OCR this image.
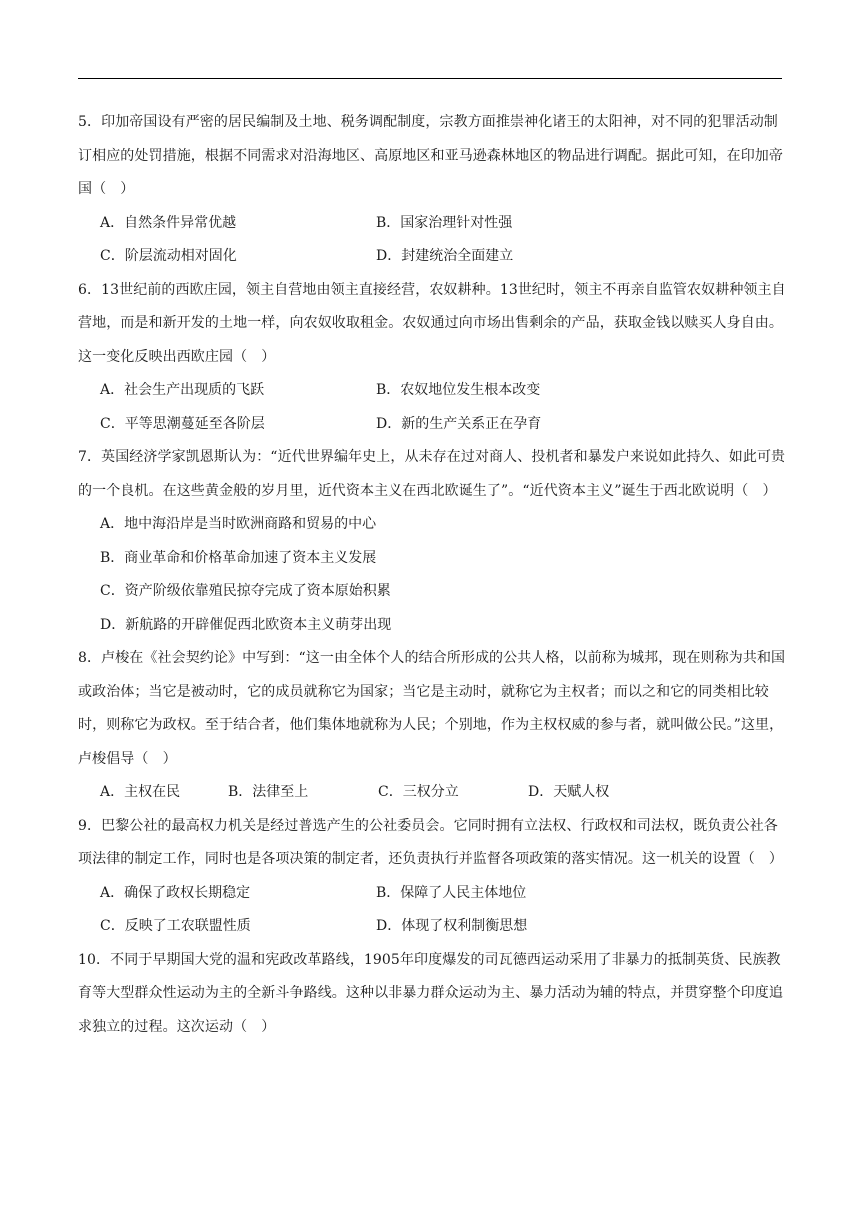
5．印加帝国设有严密的居民编制及土地、税务调配制度，宗教方面推崇神化诸王的太阳神，对不同的犯罪活动制订相应的处罚措施，根据不同需求对沿海地区、高原地区和亚马逊森林地区的物品进行调配。据此可知，在印加帝国（　）

A．自然条件异常优越	B．国家治理针对性强
C．阶层流动相对固化	D．封建统治全面建立

6．13世纪前的西欧庄园，领主自营地由领主直接经营，农奴耕种。13世纪时，领主不再亲自监管农奴耕种领主自营地，而是和新开发的土地一样，向农奴收取租金。农奴通过向市场出售剩余的产品，获取金钱以赎买人身自由。这一变化反映出西欧庄园（　）

A．社会生产出现质的飞跃	B．农奴地位发生根本改变
C．平等思潮蔓延至各阶层	D．新的生产关系正在孕育

7．英国经济学家凯恩斯认为：“近代世界编年史上，从未存在过对商人、投机者和暴发户来说如此持久、如此可贵的一个良机。在这些黄金般的岁月里，近代资本主义在西北欧诞生了”。“近代资本主义”诞生于西北欧说明（　）

A．地中海沿岸是当时欧洲商路和贸易的中心
B．商业革命和价格革命加速了资本主义发展
C．资产阶级依靠殖民掠夺完成了资本原始积累
D．新航路的开辟催促西北欧资本主义萌芽出现

8．卢梭在《社会契约论》中写到：“这一由全体个人的结合所形成的公共人格，以前称为城邦，现在则称为共和国或政治体；当它是被动时，它的成员就称它为国家；当它是主动时，就称它为主权者；而以之和它的同类相比较时，则称它为政权。至于结合者，他们集体地就称为人民；个别地，作为主权权威的参与者，就叫做公民。”这里，卢梭倡导（　）

A．主权在民	B．法律至上	C．三权分立	D．天赋人权

9．巴黎公社的最高权力机关是经过普选产生的公社委员会。它同时拥有立法权、行政权和司法权，既负责公社各项法律的制定工作，同时也是各项决策的制定者，还负责执行并监督各项政策的落实情况。这一机关的设置（　）

A．确保了政权长期稳定	B．保障了人民主体地位
C．反映了工农联盟性质	D．体现了权利制衡思想

10．不同于早期国大党的温和宪政改革路线，1905年印度爆发的司瓦德西运动采用了非暴力的抵制英货、民族教育等大型群众性运动为主的全新斗争路线。这种以非暴力群众运动为主、暴力活动为辅的特点，并贯穿整个印度追求独立的过程。这次运动（　）
